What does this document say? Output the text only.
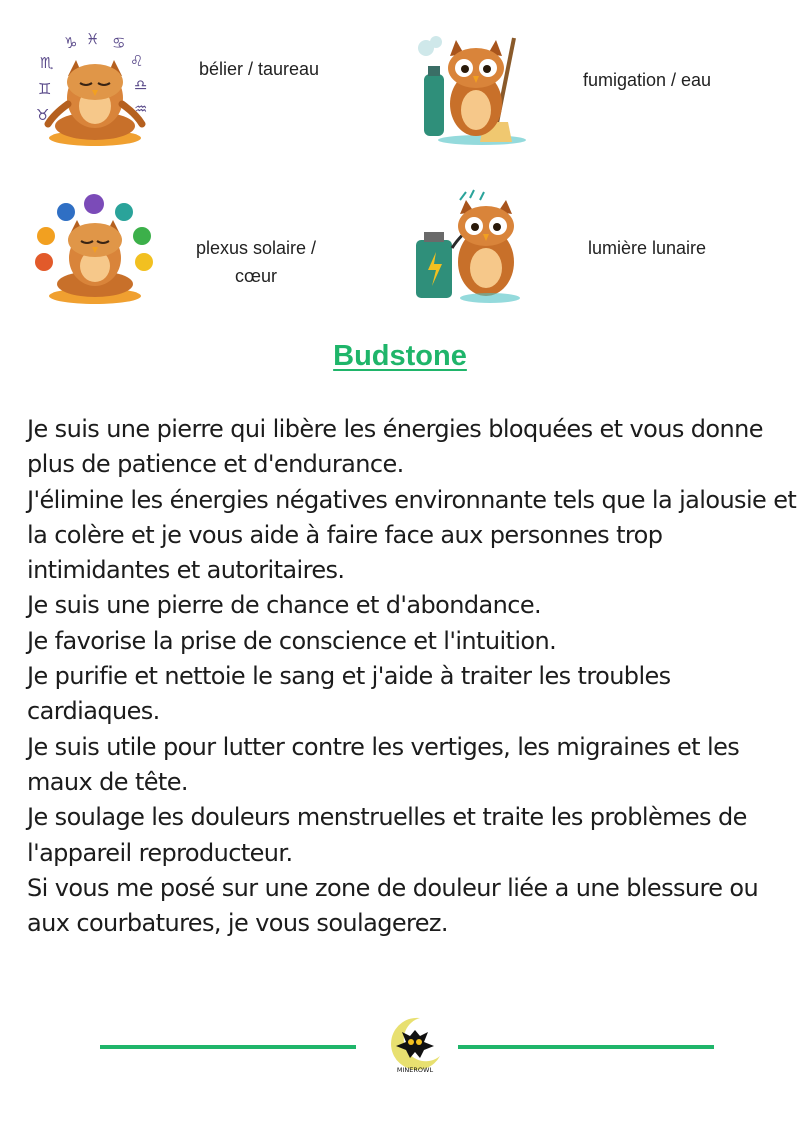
♏
♑ ♓ ♋
♌
♎
♒
♊
♉
bélier / taureau
fumigation / eau
plexus solaire /
cœur
lumière lunaire
Budstone

Je suis une pierre qui libère les énergies bloquées et vous donne plus de patience et d'endurance.

J'élimine les énergies négatives environnante tels que la jalousie et la colère et je vous aide à faire face aux personnes trop intimidantes et autoritaires.

Je suis une pierre de chance et d'abondance.

Je favorise la prise de conscience et l'intuition.

Je purifie et nettoie le sang et j'aide à traiter les troubles cardiaques.

Je suis utile pour lutter contre les vertiges, les migraines et les maux de tête.

Je soulage les douleurs menstruelles et traite les problèmes de l'appareil reproducteur.

Si vous me posé sur une zone de douleur liée a une blessure ou aux courbatures, je vous soulagerez.

MINEROWL
